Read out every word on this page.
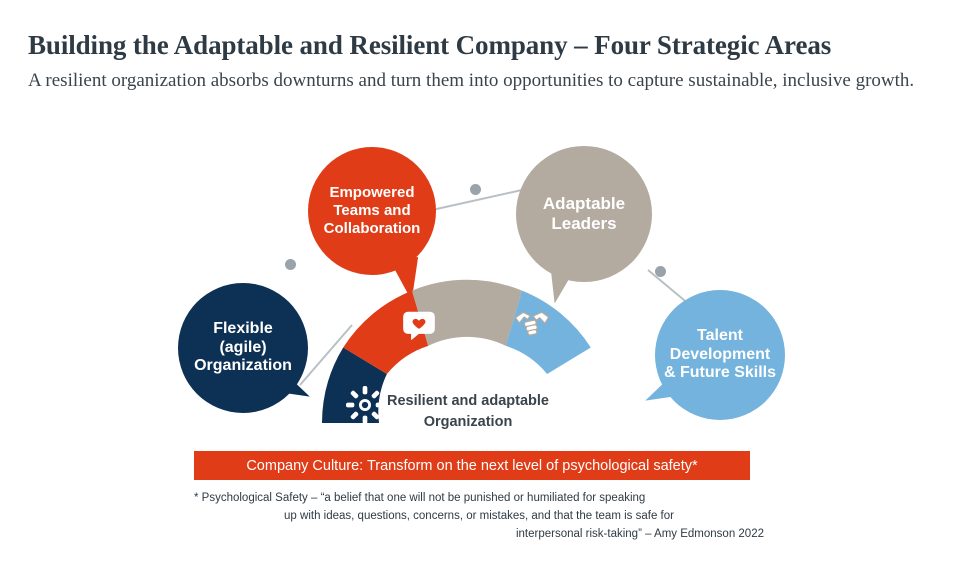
Building the Adaptable and Resilient Company – Four Strategic Areas
A resilient organization absorbs downturns and turn them into opportunities to capture sustainable, inclusive growth.
Empowered
Teams and
Collaboration
Adaptable
Leaders
Flexible
(agile)
Organization
Talent
Development
& Future Skills
Resilient and adaptable
Organization
Company Culture: Transform on the next level of psychological safety*
* Psychological Safety – “a belief that one will not be punished or humiliated for speaking
up with ideas, questions, concerns, or mistakes, and that the team is safe for
interpersonal risk-taking” – Amy Edmonson 2022
